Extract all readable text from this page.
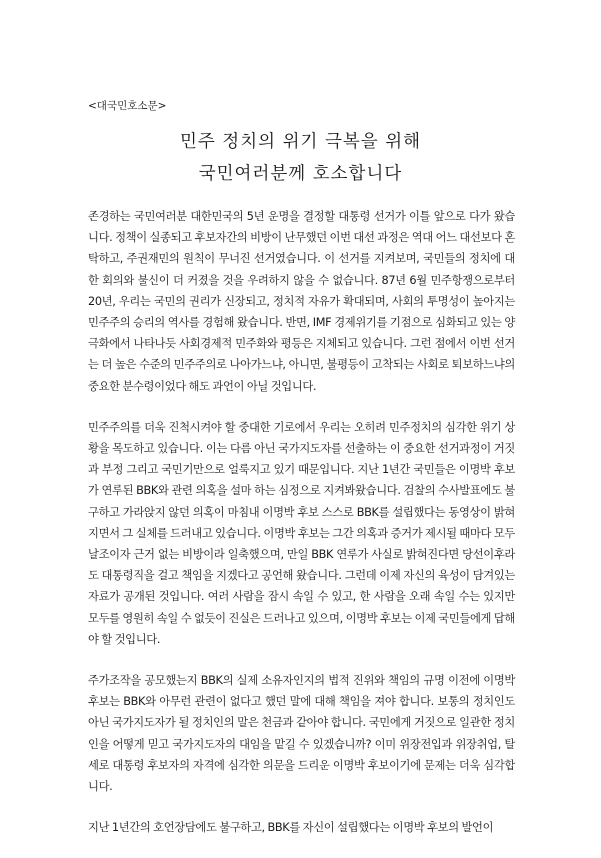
<대국민호소문>
민주 정치의 위기 극복을 위해
국민여러분께 호소합니다

존경하는 국민여러분 대한민국의 5년 운명을 결정할 대통령 선거가 이틀 앞으로 다가 왔습니다. 정책이 실종되고 후보자간의 비방이 난무했던 이번 대선 과정은 역대 어느 대선보다 혼탁하고, 주권재민의 원칙이 무너진 선거였습니다. 이 선거를 지켜보며, 국민들의 정치에 대한 회의와 불신이 더 커졌을 것을 우려하지 않을 수 없습니다. 87년 6월 민주항쟁으로부터 20년, 우리는 국민의 권리가 신장되고, 정치적 자유가 확대되며, 사회의 투명성이 높아지는 민주주의 승리의 역사를 경험해 왔습니다. 반면, IMF 경제위기를 기점으로 심화되고 있는 양극화에서 나타나듯 사회경제적 민주화와 평등은 지체되고 있습니다. 그런 점에서 이번 선거는 더 높은 수준의 민주주의로 나아가느냐, 아니면, 불평등이 고착되는 사회로 퇴보하느냐의 중요한 분수령이었다 해도 과언이 아닐 것입니다.

민주주의를 더욱 진척시켜야 할 중대한 기로에서 우리는 오히려 민주정치의 심각한 위기 상황을 목도하고 있습니다. 이는 다름 아닌 국가지도자를 선출하는 이 중요한 선거과정이 거짓과 부정 그리고 국민기만으로 얼룩지고 있기 때문입니다. 지난 1년간 국민들은 이명박 후보가 연루된 BBK와 관련 의혹을 설마 하는 심정으로 지켜봐왔습니다. 검찰의 수사발표에도 불구하고 가라앉지 않던 의혹이 마침내 이명박 후보 스스로 BBK를 설립했다는 동영상이 밝혀지면서 그 실체를 드러내고 있습니다. 이명박 후보는 그간 의혹과 증거가 제시될 때마다 모두 날조이자 근거 없는 비방이라 일축했으며, 만일 BBK 연루가 사실로 밝혀진다면 당선이후라도 대통령직을 걸고 책임을 지겠다고 공언해 왔습니다. 그런데 이제 자신의 육성이 담겨있는 자료가 공개된 것입니다. 여러 사람을 잠시 속일 수 있고, 한 사람을 오래 속일 수는 있지만 모두를 영원히 속일 수 없듯이 진실은 드러나고 있으며, 이명박 후보는 이제 국민들에게 답해야 할 것입니다.

주가조작을 공모했는지 BBK의 실제 소유자인지의 법적 진위와 책임의 규명 이전에 이명박 후보는 BBK와 아무런 관련이 없다고 했던 말에 대해 책임을 져야 합니다. 보통의 정치인도 아닌 국가지도자가 될 정치인의 말은 천금과 같아야 합니다. 국민에게 거짓으로 일관한 정치인을 어떻게 믿고 국가지도자의 대임을 맡길 수 있겠습니까? 이미 위장전입과 위장취업, 탈세로 대통령 후보자의 자격에 심각한 의문을 드리운 이명박 후보이기에 문제는 더욱 심각합니다.

지난 1년간의 호언장담에도 불구하고, BBK를 자신이 설립했다는 이명박 후보의 발언이
